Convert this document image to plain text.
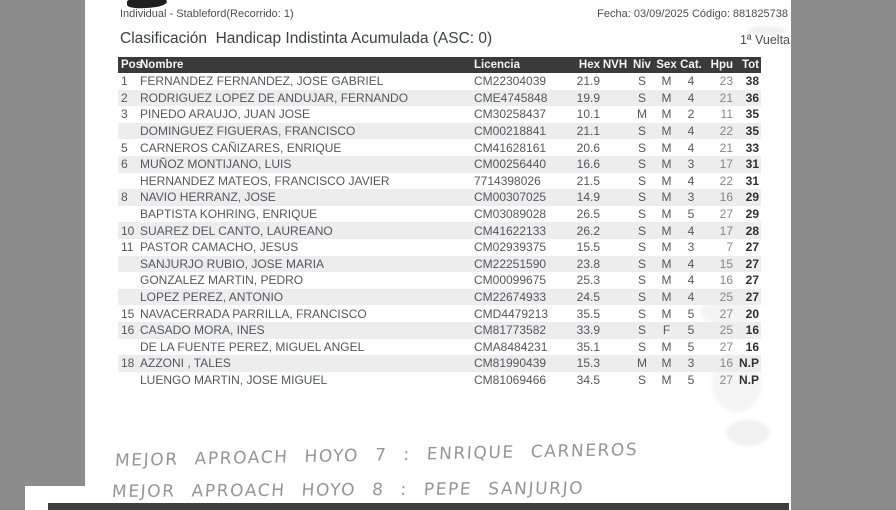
Individual - Stableford(Recorrido: 1)	Fecha: 03/09/2025 Código: 881825738
Clasificación  Handicap Indistinta Acumulada (ASC: 0)	1ª Vuelta
Pos
Nombre	Licencia	Hex NVH Niv Sex Cat. Hpu Tot
1	FERNANDEZ FERNANDEZ, JOSE GABRIEL	CM22304039	21.9	S	M	4	23	38
2	RODRIGUEZ LOPEZ DE ANDUJAR, FERNANDO	CME4745848	19.9	S	M	4	21	36
3	PINEDO ARAUJO, JUAN JOSE	CM30258437	10.1	M	M	2	11	35
DOMINGUEZ FIGUERAS, FRANCISCO	CM00218841	21.1	S	M	4	22	35
5	CARNEROS CAÑIZARES, ENRIQUE	CM41628161	20.6	S	M	4	21	33
6	MUÑOZ MONTIJANO, LUIS	CM00256440	16.6	S	M	3	17	31
HERNANDEZ MATEOS, FRANCISCO JAVIER	7714398026	21.5	S	M	4	22	31
8	NAVIO HERRANZ, JOSE	CM00307025	14.9	S	M	3	16	29
BAPTISTA KOHRING, ENRIQUE	CM03089028	26.5	S	M	5	27	29
10 SUAREZ DEL CANTO, LAUREANO	CM41622133	26.2	S	M	4	17	28
11 PASTOR CAMACHO, JESUS	CM02939375	15.5	S	M	3	7	27
SANJURJO RUBIO, JOSE MARIA	CM22251590	23.8	S	M	4	15	27
GONZALEZ MARTIN, PEDRO	CM00099675	25.3	S	M	4	16	27
LOPEZ PEREZ, ANTONIO	CM22674933	24.5	S	M	4	25	27
15 NAVACERRADA PARRILLA, FRANCISCO	CMD4479213	35.5	S	M	5	27	20
16 CASADO MORA, INES	CM81773582	33.9	S	F	5	25	16
DE LA FUENTE PEREZ, MIGUEL ANGEL	CMA8484231	35.1	S	M	5	27	16
18 AZZONI , TALES	CM81990439	15.3	M	M	3	16 N.P
LUENGO MARTIN, JOSE MIGUEL	CM81069466	34.5	S	M	5	27 N.P
MEJOR APROACH HOYO 7 : ENRIQUE CARNEROS
MEJOR APROACH HOYO 8 : PEPE SANJURJO
